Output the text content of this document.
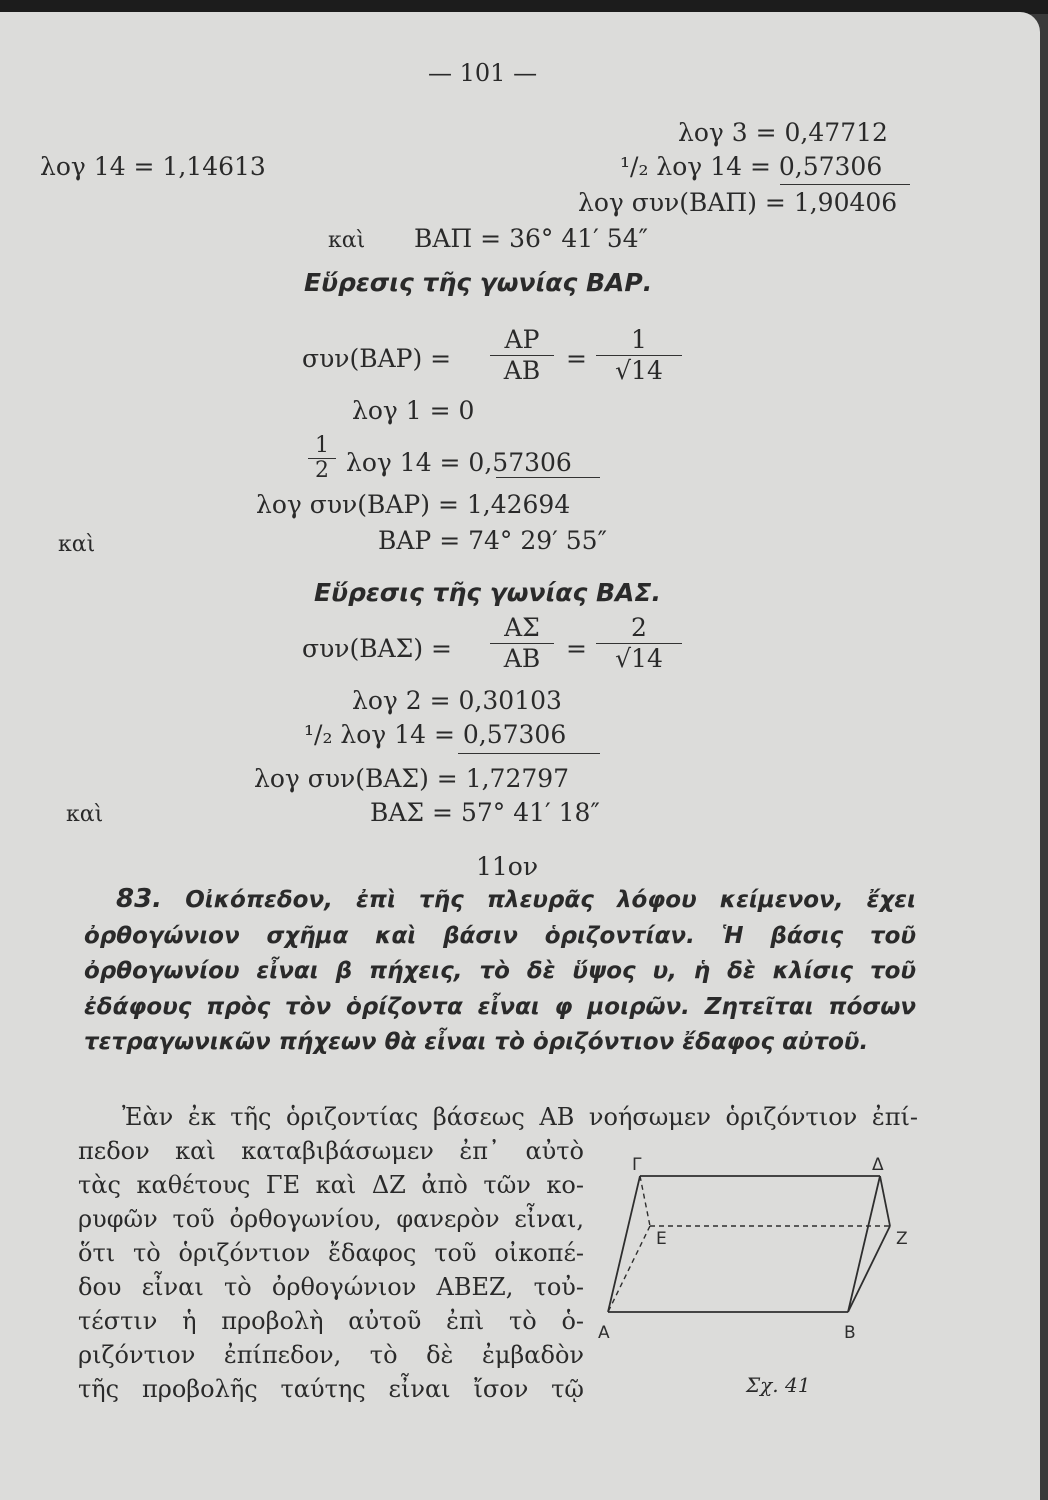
— 101 —
λογ 14 = 1,14613
λογ 3 = 0,47712
¹/₂ λογ 14 = 0,57306
λογ συν(ΒΑΠ) = 1,90406
καὶ ΒΑΠ = 36° 41′ 54″
Εὕρεσις τῆς γωνίας ΒΑΡ.
συν(ΒΑΡ) =
ΑΡ
ΑΒ	=
1
√14
λογ 1 = 0
1
2 λογ 14 = 0,57306
λογ συν(ΒΑΡ) = 1,42694
καὶ	ΒΑΡ = 74° 29′ 55″
Εὕρεσις τῆς γωνίας ΒΑΣ.
συν(ΒΑΣ) =
ΑΣ
ΑΒ	=
2
√14
λογ 2 = 0,30103
¹/₂ λογ 14 = 0,57306
λογ συν(ΒΑΣ) = 1,72797
καὶ	ΒΑΣ = 57° 41′ 18″
11ον
83. Οἰκόπεδον, ἐπὶ τῆς πλευρᾶς λόφου κείμενον, ἔχει ὀρθογώνιον σχῆμα καὶ βάσιν ὁριζοντίαν. Ἡ βάσις τοῦ ὀρθογωνίου εἶναι β πήχεις, τὸ δὲ ὕψος υ, ἡ δὲ κλίσις τοῦ ἐδάφους πρὸς τὸν ὁρίζοντα εἶναι φ μοιρῶν. Ζητεῖται πόσων τετραγωνικῶν πήχεων θὰ εἶναι τὸ ὁριζόντιον ἔδαφος αὐτοῦ.
Ἐὰν ἐκ τῆς ὁριζοντίας βάσεως ΑΒ νοήσωμεν ὁριζόντιον ἐπί-
πεδον καὶ καταβιβάσωμεν ἐπ᾽ αὐτὸ
τὰς καθέτους ΓΕ καὶ ΔΖ ἀπὸ τῶν κο-
ρυφῶν τοῦ ὀρθογωνίου, φανερὸν εἶναι,
ὅτι τὸ ὁριζόντιον ἔδαφος τοῦ οἰκοπέ-
δου εἶναι τὸ ὀρθογώνιον ΑΒΕΖ, τοὐ-
τέστιν ἡ προβολὴ αὐτοῦ ἐπὶ τὸ ὁ-
ριζόντιον ἐπίπεδον, τὸ δὲ ἐμβαδὸν
τῆς προβολῆς ταύτης εἶναι ἴσον τῷ
Γ	Δ
Ε	Ζ
Α	Β
Σχ. 41
